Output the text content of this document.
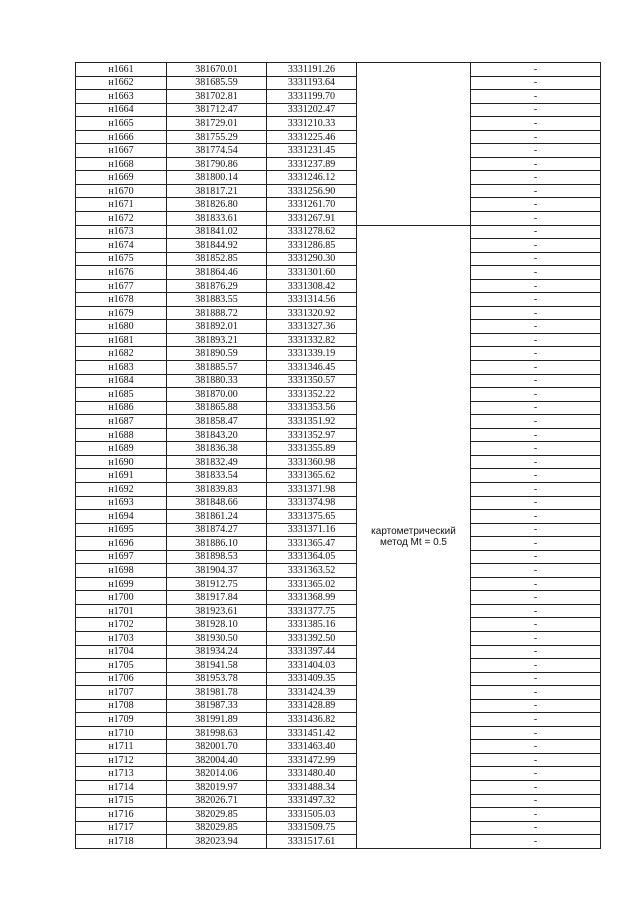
н1661	381670.01	3331191.26		-
н1662	381685.59	3331193.64		-
н1663	381702.81	3331199.70		-
н1664	381712.47	3331202.47		-
н1665	381729.01	3331210.33		-
н1666	381755.29	3331225.46		-
н1667	381774.54	3331231.45		-
н1668	381790.86	3331237.89		-
н1669	381800.14	3331246.12		-
н1670	381817.21	3331256.90		-
н1671	381826.80	3331261.70		-
н1672	381833.61	3331267.91		-
н1673	381841.02	3331278.62	картометрический метод Mt = 0.5	-
н1674	381844.92	3331286.85		-
н1675	381852.85	3331290.30		-
н1676	381864.46	3331301.60		-
н1677	381876.29	3331308.42		-
н1678	381883.55	3331314.56		-
н1679	381888.72	3331320.92		-
н1680	381892.01	3331327.36		-
н1681	381893.21	3331332.82		-
н1682	381890.59	3331339.19		-
н1683	381885.57	3331346.45		-
н1684	381880.33	3331350.57		-
н1685	381870.00	3331352.22		-
н1686	381865.88	3331353.56		-
н1687	381858.47	3331351.92		-
н1688	381843.20	3331352.97		-
н1689	381836.38	3331355.89		-
н1690	381832.49	3331360.98		-
н1691	381833.54	3331365.62		-
н1692	381839.83	3331371.98		-
н1693	381848.66	3331374.98		-
н1694	381861.24	3331375.65		-
н1695	381874.27	3331371.16		-
н1696	381886.10	3331365.47		-
н1697	381898.53	3331364.05		-
н1698	381904.37	3331363.52		-
н1699	381912.75	3331365.02		-
н1700	381917.84	3331368.99		-
н1701	381923.61	3331377.75		-
н1702	381928.10	3331385.16		-
н1703	381930.50	3331392.50		-
н1704	381934.24	3331397.44		-
н1705	381941.58	3331404.03		-
н1706	381953.78	3331409.35		-
н1707	381981.78	3331424.39		-
н1708	381987.33	3331428.89		-
н1709	381991.89	3331436.82		-
н1710	381998.63	3331451.42		-
н1711	382001.70	3331463.40		-
н1712	382004.40	3331472.99		-
н1713	382014.06	3331480.40		-
н1714	382019.97	3331488.34		-
н1715	382026.71	3331497.32		-
н1716	382029.85	3331505.03		-
н1717	382029.85	3331509.75		-
н1718	382023.94	3331517.61		-
